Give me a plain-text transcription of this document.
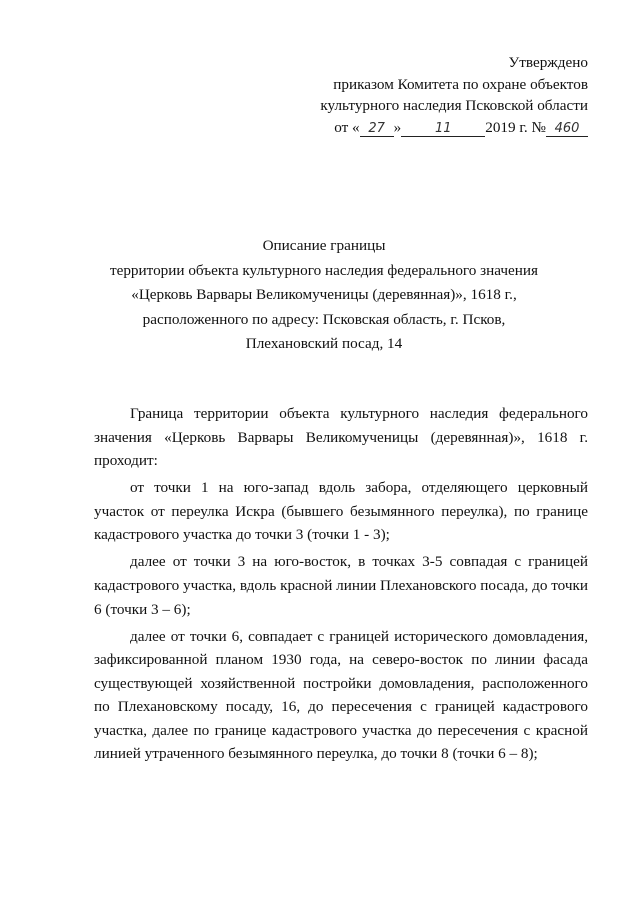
Утверждено
приказом Комитета по охране объектов
культурного наследия Псковской области
от « 27 »	11 2019 г. № 460
Описание границы
территории объекта культурного наследия федерального значения
«Церковь Варвары Великомученицы (деревянная)», 1618 г.,
расположенного по адресу: Псковская область, г. Псков,
Плехановский посад, 14

Граница территории объекта культурного наследия федерального значения «Церковь Варвары Великомученицы (деревянная)», 1618 г. проходит:

от точки 1 на юго-запад вдоль забора, отделяющего церковный участок от переулка Искра (бывшего безымянного переулка), по границе кадастрового участка до точки 3 (точки 1 - 3);

далее от точки 3 на юго-восток, в точках 3-5 совпадая с границей кадастрового участка, вдоль красной линии Плехановского посада, до точки 6 (точки 3 – 6);

далее от точки 6, совпадает с границей исторического домовладения, зафиксированной планом 1930 года, на северо-восток по линии фасада существующей хозяйственной постройки домовладения, расположенного по Плехановскому посаду, 16, до пересечения с границей кадастрового участка, далее по границе кадастрового участка до пересечения с красной линией утраченного безымянного переулка, до точки 8 (точки 6 – 8);
